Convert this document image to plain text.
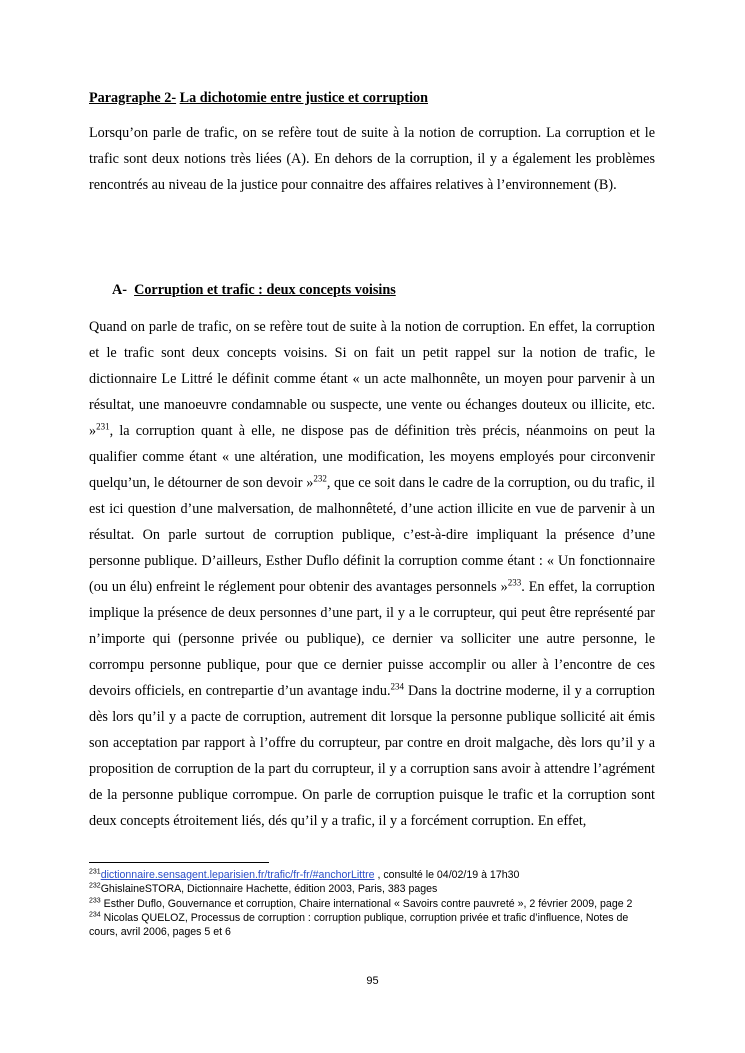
Paragraphe 2- La dichotomie entre justice et corruption

Lorsqu’on parle de trafic, on se refère tout de suite à la notion de corruption. La corruption et le trafic sont deux notions très liées (A). En dehors de la corruption, il y a également les problèmes rencontrés au niveau de la justice pour connaitre des affaires relatives à l’environnement (B).

A- Corruption et trafic : deux concepts voisins

Quand on parle de trafic, on se refère tout de suite à la notion de corruption. En effet, la corruption et le trafic sont deux concepts voisins. Si on fait un petit rappel sur la notion de trafic, le dictionnaire Le Littré le définit comme étant « un acte malhonnête, un moyen pour parvenir à un résultat, une manoeuvre condamnable ou suspecte, une vente ou échanges douteux ou illicite, etc. »$^{231}$, la corruption quant à elle, ne dispose pas de définition très précis, néanmoins on peut la qualifier comme étant « une altération, une modification, les moyens employés pour circonvenir quelqu’un, le détourner de son devoir »$^{232}$, que ce soit dans le cadre de la corruption, ou du trafic, il est ici question d’une malversation, de malhonnêteté, d’une action illicite en vue de parvenir à un résultat. On parle surtout de corruption publique, c’est-à-dire impliquant la présence d’une personne publique. D’ailleurs, Esther Duflo définit la corruption comme étant : « Un fonctionnaire (ou un élu) enfreint le réglement pour obtenir des avantages personnels »$^{233}$. En effet, la corruption implique la présence de deux personnes d’une part, il y a le corrupteur, qui peut être représenté par n’importe qui (personne privée ou publique), ce dernier va solliciter une autre personne, le corrompu personne publique, pour que ce dernier puisse accomplir ou aller à l’encontre de ces devoirs officiels, en contrepartie d’un avantage indu.$^{234}$ Dans la doctrine moderne, il y a corruption dès lors qu’il y a pacte de corruption, autrement dit lorsque la personne publique sollicité ait émis son acceptation par rapport à l’offre du corrupteur, par contre en droit malgache, dès lors qu’il y a proposition de corruption de la part du corrupteur, il y a corruption sans avoir à attendre l’agrément de la personne publique corrompue. On parle de corruption puisque le trafic et la corruption sont deux concepts étroitement liés, dés qu’il y a trafic, il y a forcément corruption. En effet,

$^{231}$dictionnaire.sensagent.leparisien.fr/trafic/fr-fr/#anchorLittre , consulté le 04/02/19 à 17h30

$^{232}$GhislaineSTORA, Dictionnaire Hachette, édition 2003, Paris, 383 pages

$^{233}$ Esther Duflo, Gouvernance et corruption, Chaire international « Savoirs contre pauvreté », 2 février 2009, page 2

$^{234}$ Nicolas QUELOZ, Processus de corruption : corruption publique, corruption privée et trafic d’influence, Notes de cours, avril 2006, pages 5 et 6

95
